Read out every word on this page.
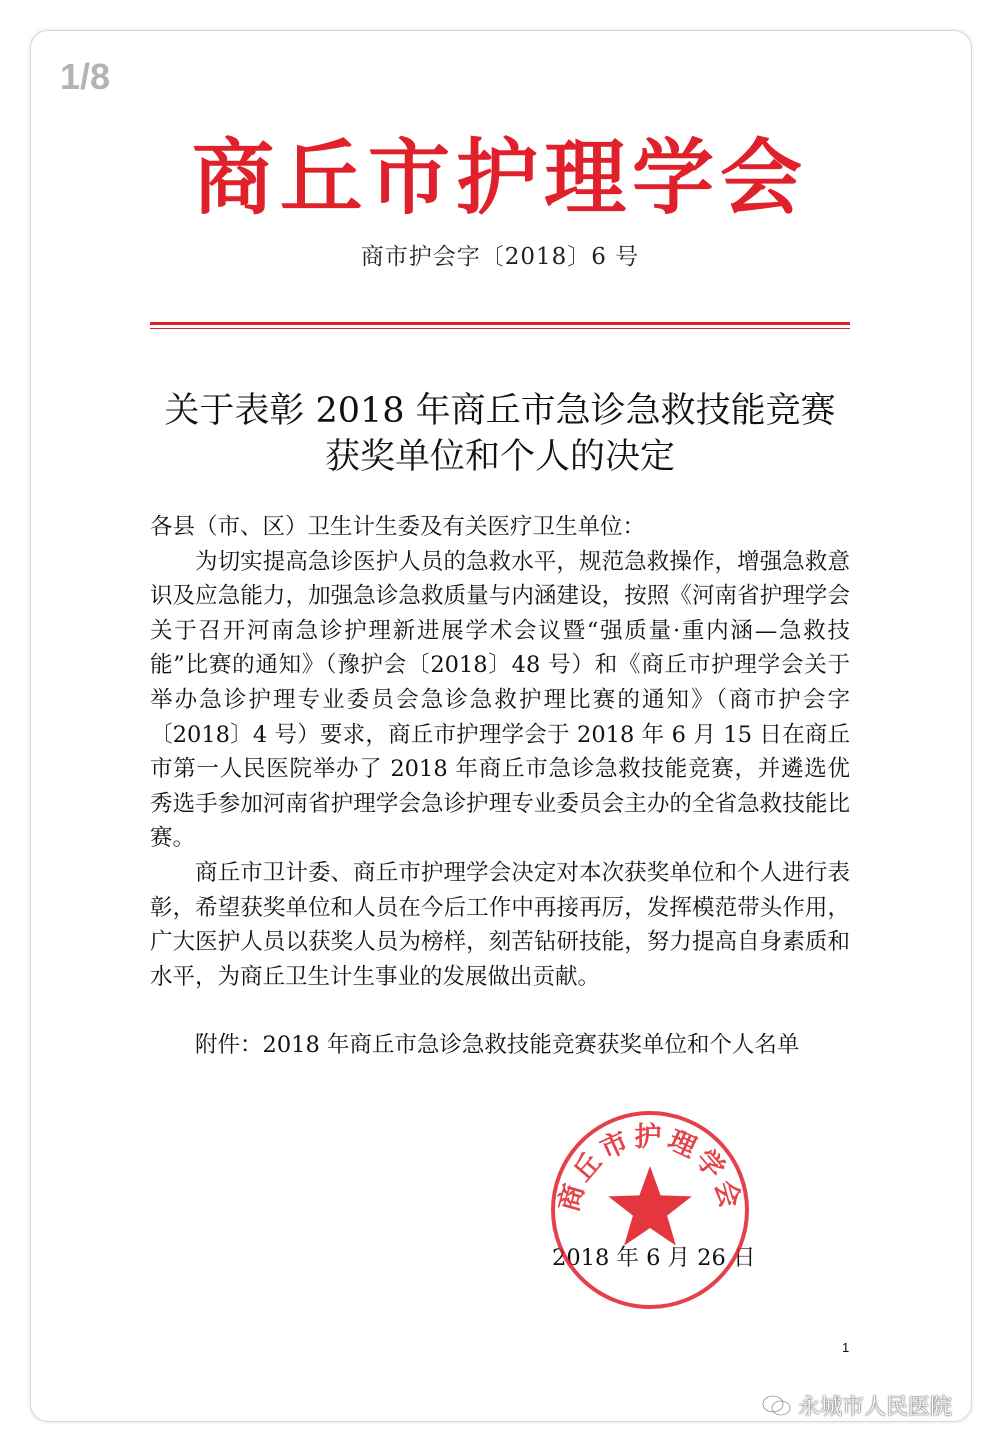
1/8
商丘市护理学会
商市护会字〔2018〕6 号
关于表彰 2018 年商丘市急诊急救技能竞赛
获奖单位和个人的决定

各县（市、区）卫生计生委及有关医疗卫生单位：

为切实提高急诊医护人员的急救水平，规范急救操作，增强急救意识及应急能力，加强急诊急救质量与内涵建设，按照《河南省护理学会关于召开河南急诊护理新进展学术会议暨“强质量·重内涵—急救技能”比赛的通知》（豫护会〔2018〕48 号）和《商丘市护理学会关于举办急诊护理专业委员会急诊急救护理比赛的通知》（商市护会字〔2018〕4 号）要求，商丘市护理学会于 2018 年 6 月 15 日在商丘市第一人民医院举办了 2018 年商丘市急诊急救技能竞赛，并遴选优秀选手参加河南省护理学会急诊护理专业委员会主办的全省急救技能比赛。

商丘市卫计委、商丘市护理学会决定对本次获奖单位和个人进行表彰，希望获奖单位和人员在今后工作中再接再厉，发挥模范带头作用，广大医护人员以获奖人员为榜样，刻苦钻研技能，努力提高自身素质和水平，为商丘卫生计生事业的发展做出贡献。

附件：2018 年商丘市急诊急救技能竞赛获奖单位和个人名单

2018 年 6 月 26 日
商丘市护理学会
1
永城市人民医院
